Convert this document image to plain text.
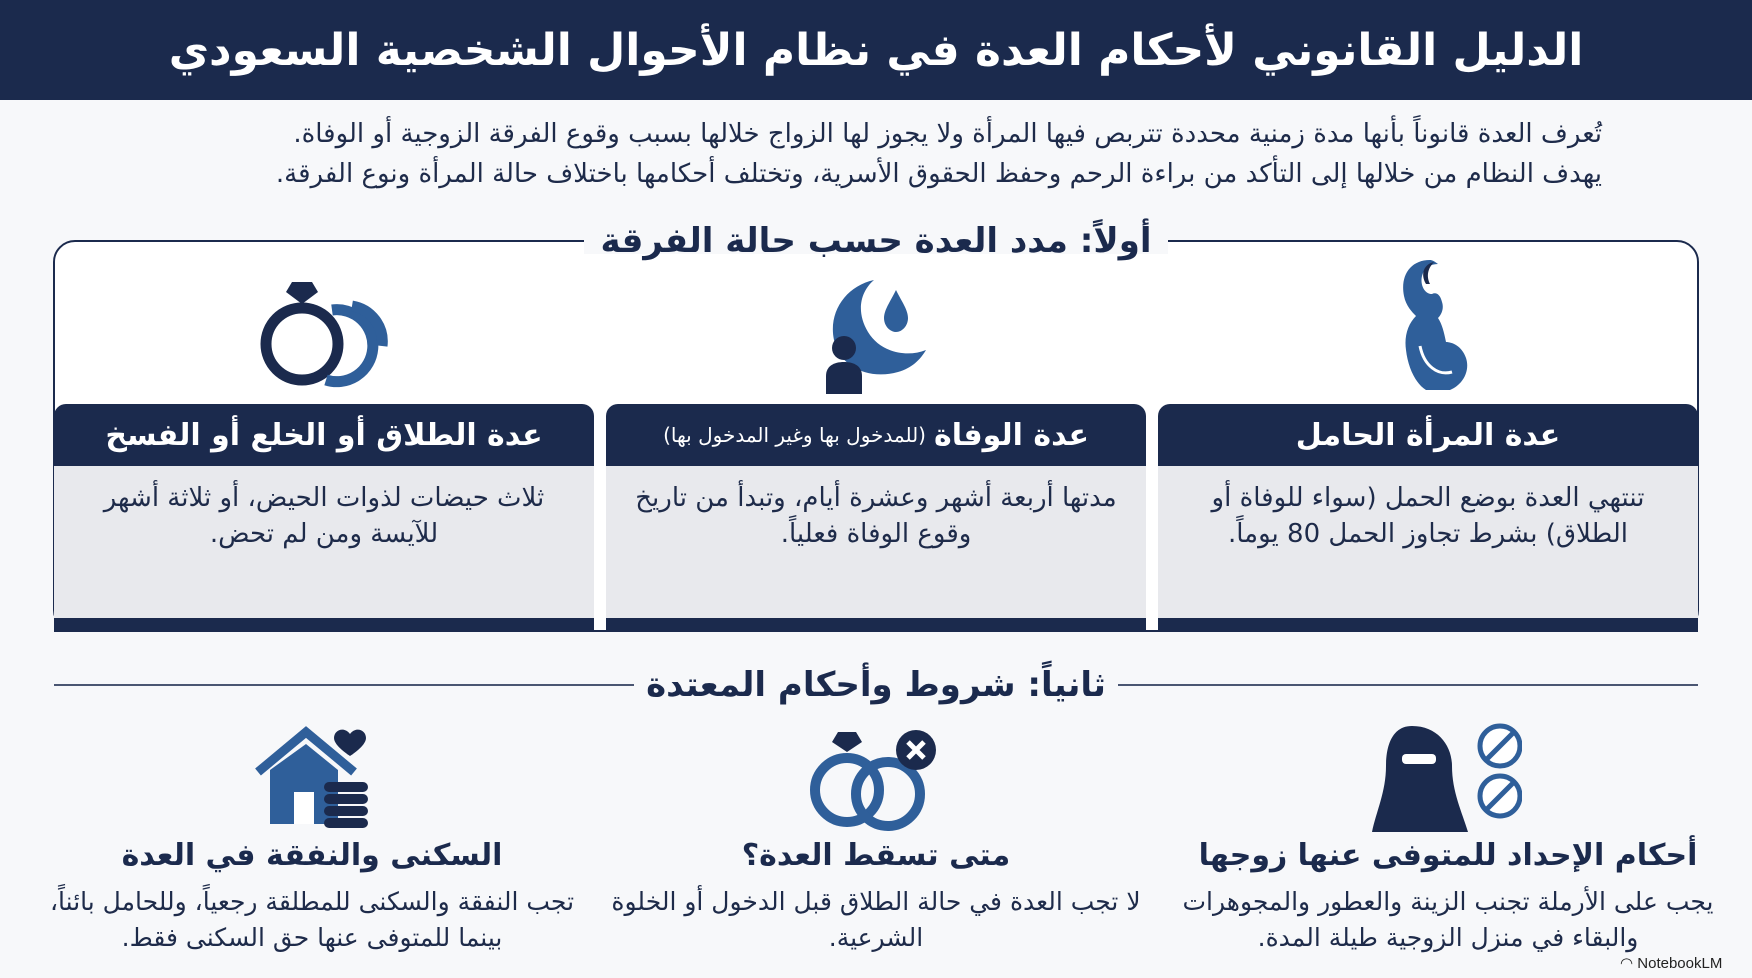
الدليل القانوني لأحكام العدة في نظام الأحوال الشخصية السعودي
تُعرف العدة قانوناً بأنها مدة زمنية محددة تتربص فيها المرأة ولا يجوز لها الزواج خلالها بسبب وقوع الفرقة الزوجية أو الوفاة.
يهدف النظام من خلالها إلى التأكد من براءة الرحم وحفظ الحقوق الأسرية، وتختلف أحكامها باختلاف حالة المرأة ونوع الفرقة.
أولاً: مدد العدة حسب حالة الفرقة
عدة المرأة الحامل
تنتهي العدة بوضع الحمل (سواء للوفاة أو الطلاق) بشرط تجاوز الحمل 80 يوماً.
عدة الوفاة
(للمدخول بها وغير المدخول بها)
مدتها أربعة أشهر وعشرة أيام، وتبدأ من تاريخ وقوع الوفاة فعلياً.
عدة الطلاق أو الخلع أو الفسخ
ثلاث حيضات لذوات الحيض، أو ثلاثة أشهر للآيسة ومن لم تحض.
ثانياً: شروط وأحكام المعتدة
أحكام الإحداد للمتوفى عنها زوجها
يجب على الأرملة تجنب الزينة والعطور والمجوهرات والبقاء في منزل الزوجية طيلة المدة.
متى تسقط العدة؟
لا تجب العدة في حالة الطلاق قبل الدخول أو الخلوة الشرعية.
السكنى والنفقة في العدة
تجب النفقة والسكنى للمطلقة رجعياً، وللحامل بائناً، بينما للمتوفى عنها حق السكنى فقط.
◠ NotebookLM
